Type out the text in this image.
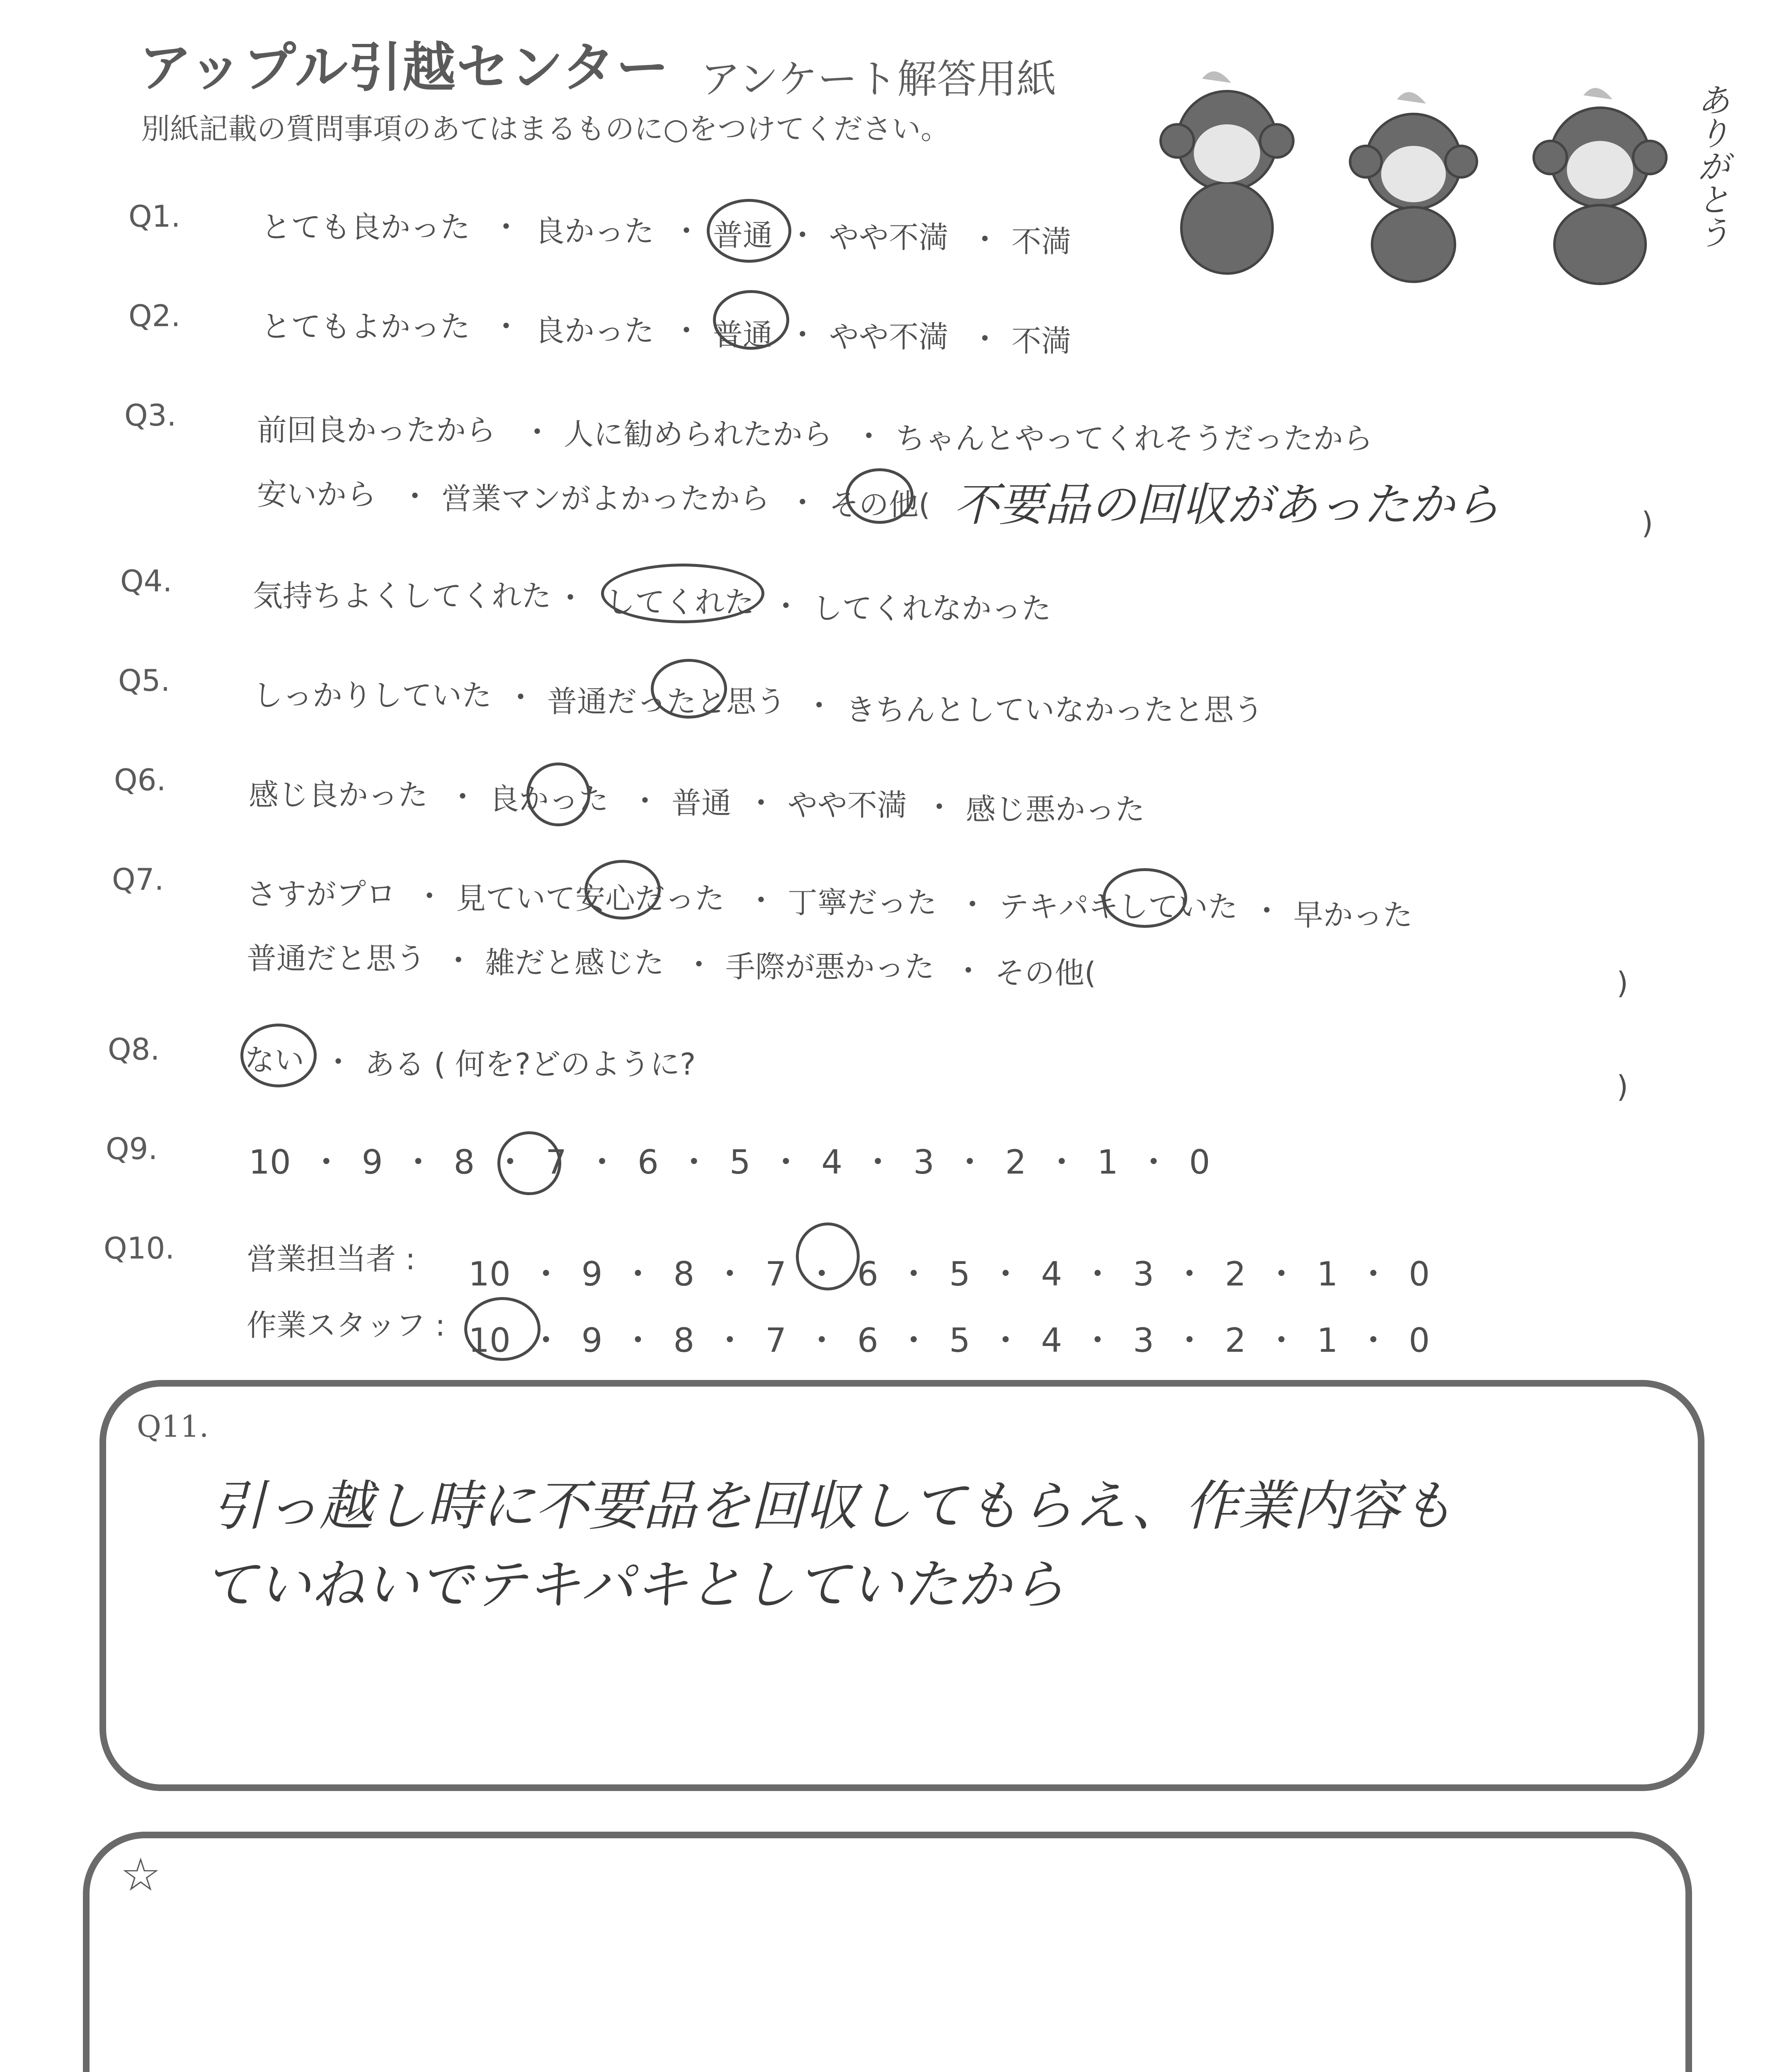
アップル引越センター アンケート解答用紙
別紙記載の質問事項のあてはまるものに○をつけてください。	ありがとう
Q1.	とても良かった ・ 良かった ・ 普通 ・ やや不満 ・ 不満
Q2.	とてもよかった ・ 良かった ・ 普通 ・ やや不満 ・ 不満
Q3.	前回良かったから ・ 人に勧められたから ・ ちゃんとやってくれそうだったから
安いから ・ 営業マンがよかったから ・ その他( 不要品の回収があったから	)
Q4.	気持ちよくしてくれた ・ してくれた ・ してくれなかった
Q5.	しっかりしていた ・ 普通だったと思う ・ きちんとしていなかったと思う
Q6.	感じ良かった ・ 良かった ・ 普通 ・ やや不満 ・ 感じ悪かった
Q7.	さすがプロ ・ 見ていて安心だった ・ 丁寧だった ・ テキパキしていた ・ 早かった
普通だと思う ・ 雑だと感じた ・ 手際が悪かった ・ その他(	)
Q8.	ない ・ ある ( 何を?どのように?
)
Q9.	10 ・ 9 ・ 8 ・ 7 ・ 6 ・ 5 ・ 4 ・ 3 ・ 2 ・ 1 ・ 0
Q10. 営業担当者 : 10 ・ 9 ・ 8 ・ 7 ・ 6 ・ 5 ・ 4 ・ 3 ・ 2 ・ 1 ・ 0
作業スタッフ : 10 ・ 9 ・ 8 ・ 7 ・ 6 ・ 5 ・ 4 ・ 3 ・ 2 ・ 1 ・ 0
Q11.
引っ越し時に不要品を回収してもらえ、作業内容も
ていねいでテキパキとしていたから
☆
